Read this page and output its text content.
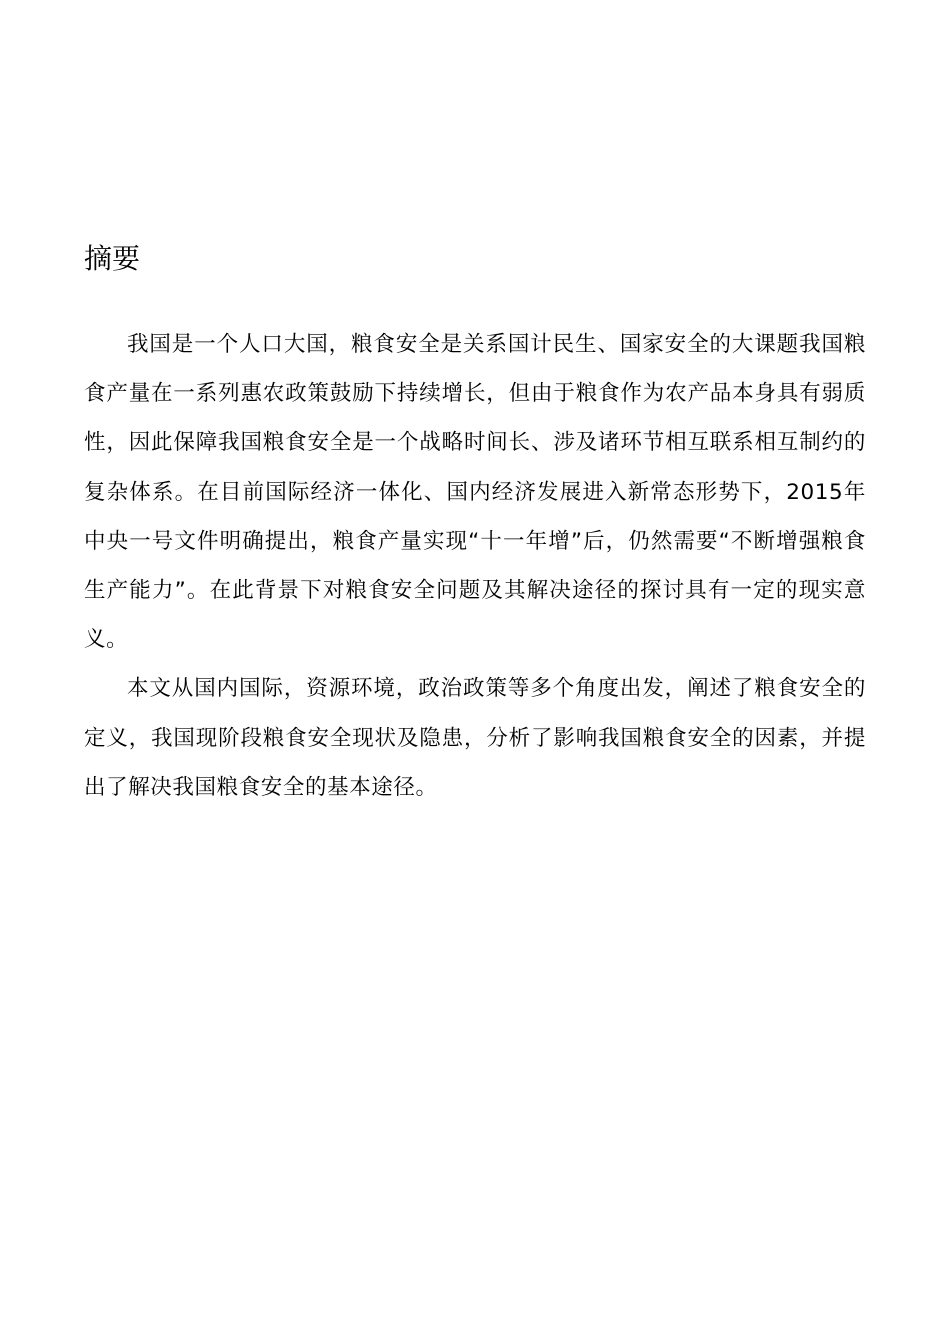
摘要

我国是一个人口大国，粮食安全是关系国计民生、国家安全的大课题我国粮食产量在一系列惠农政策鼓励下持续增长，但由于粮食作为农产品本身具有弱质性，因此保障我国粮食安全是一个战略时间长、涉及诸环节相互联系相互制约的复杂体系。在目前国际经济一体化、国内经济发展进入新常态形势下，2015年中央一号文件明确提出，粮食产量实现“十一年增”后，仍然需要“不断增强粮食生产能力”。在此背景下对粮食安全问题及其解决途径的探讨具有一定的现实意义。

本文从国内国际，资源环境，政治政策等多个角度出发，阐述了粮食安全的定义，我国现阶段粮食安全现状及隐患，分析了影响我国粮食安全的因素，并提出了解决我国粮食安全的基本途径。
